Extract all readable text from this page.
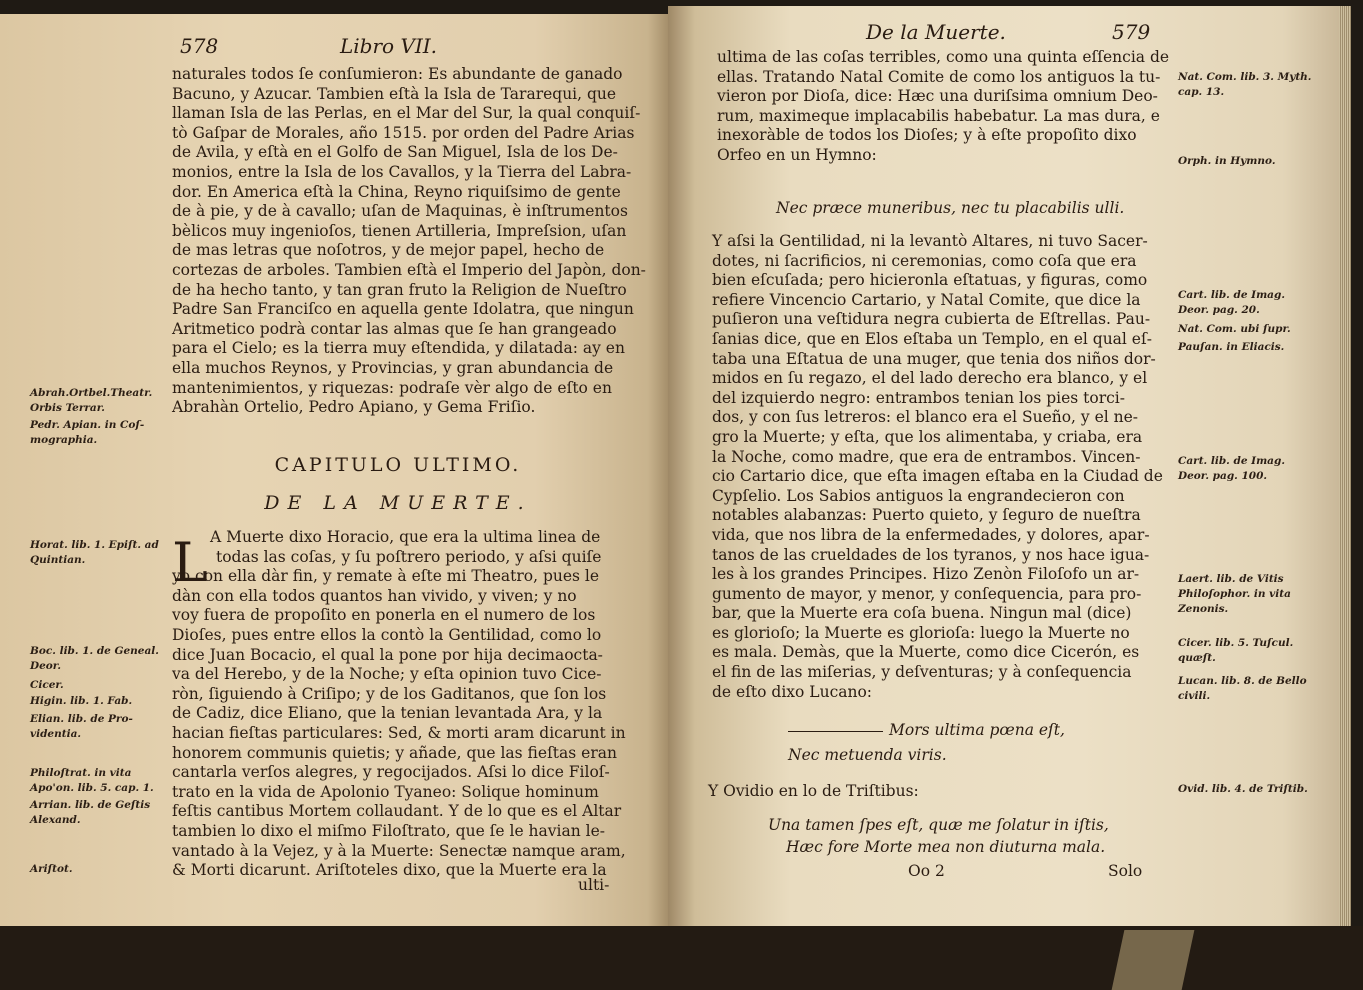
578	Libro VII.
naturales todos ſe conſumieron: Es abundante de ganado
Bacuno, y Azucar. Tambien eſtà la Isla de Tararequi, que
llaman Isla de las Perlas, en el Mar del Sur, la qual conquiſ-
tò Gaſpar de Morales, año 1515. por orden del Padre Arias
de Avila, y eſtà en el Golfo de San Miguel, Isla de los De-
monios, entre la Isla de los Cavallos, y la Tierra del Labra-
dor. En America eſtà la China, Reyno riquiſsimo de gente
de à pie, y de à cavallo; uſan de Maquinas, è inſtrumentos
bèlicos muy ingenioſos, tienen Artilleria, Impreſsion, uſan
de mas letras que noſotros, y de mejor papel, hecho de
cortezas de arboles. Tambien eſtà el Imperio del Japòn, don-
de ha hecho tanto, y tan gran fruto la Religion de Nueſtro
Padre San Franciſco en aquella gente Idolatra, que ningun
Aritmetico podrà contar las almas que ſe han grangeado
para el Cielo; es la tierra muy eſtendida, y dilatada: ay en
ella muchos Reynos, y Provincias, y gran abundancia de
mantenimientos, y riquezas: podraſe vèr algo de eſto en
Abrahàn Ortelio, Pedro Apiano, y Gema Friſio.
CAPITULO ULTIMO.
DE LA MUERTE.
L A Muerte dixo Horacio, que era la ultima linea de
todas las coſas, y ſu poſtrero periodo, y aſsi quiſe
yo con ella dàr fin, y remate à eſte mi Theatro, pues le
dàn con ella todos quantos han vivido, y viven; y no
voy fuera de propoſito en ponerla en el numero de los
Dioſes, pues entre ellos la contò la Gentilidad, como lo
dice Juan Bocacio, el qual la pone por hija decimaocta-
va del Herebo, y de la Noche; y eſta opinion tuvo Cice-
ròn, ſiguiendo à Criſipo; y de los Gaditanos, que ſon los
de Cadiz, dice Eliano, que la tenian levantada Ara, y la
hacian fieſtas particulares: Sed, & morti aram dicarunt in
honorem communis quietis; y añade, que las fieſtas eran
cantarla verſos alegres, y regocijados. Aſsi lo dice Filoſ-
trato en la vida de Apolonio Tyaneo: Solique hominum
feſtis cantibus Mortem collaudant. Y de lo que es el Altar
tambien lo dixo el miſmo Filoſtrato, que ſe le havian le-
vantado à la Vejez, y à la Muerte: Senectæ namque aram,
& Morti dicarunt. Ariſtoteles dixo, que la Muerte era la
ulti-
Abrah.Ortbel.Theatr. Orbis Terrar.
Pedr. Apian. in Coſ-mographia.
Horat. lib. 1. Epiſt. ad Quintian.
Boc. lib. 1. de Geneal. Deor.
Cicer.
Higin. lib. 1. Fab.
Elian. lib. de Pro-videntia.
Philoſtrat. in vita Apo'on. lib. 5. cap. 1.
Arrian. lib. de Geſtis Alexand.
Ariſtot.
De la Muerte.	579
ultima de las coſas terribles, como una quinta eſſencia de
ellas. Tratando Natal Comite de como los antiguos la tu-
vieron por Dioſa, dice: Hæc una duriſsima omnium Deo-
rum, maximeque implacabilis habebatur. La mas dura, e
inexoràble de todos los Dioſes; y à eſte propoſito dixo
Orfeo en un Hymno:
Nec præce muneribus, nec tu placabilis ulli.
Y aſsi la Gentilidad, ni la levantò Altares, ni tuvo Sacer-
dotes, ni ſacrificios, ni ceremonias, como coſa que era
bien eſcuſada; pero hicieronla eſtatuas, y figuras, como
refiere Vincencio Cartario, y Natal Comite, que dice la
puſieron una veſtidura negra cubierta de Eſtrellas. Pau-
ſanias dice, que en Elos eſtaba un Templo, en el qual eſ-
taba una Eſtatua de una muger, que tenia dos niños dor-
midos en ſu regazo, el del lado derecho era blanco, y el
del izquierdo negro: entrambos tenian los pies torci-
dos, y con ſus letreros: el blanco era el Sueño, y el ne-
gro la Muerte; y eſta, que los alimentaba, y criaba, era
la Noche, como madre, que era de entrambos. Vincen-
cio Cartario dice, que eſta imagen eſtaba en la Ciudad de
Cypſelio. Los Sabios antiguos la engrandecieron con
notables alabanzas: Puerto quieto, y ſeguro de nueſtra
vida, que nos libra de la enfermedades, y dolores, apar-
tanos de las crueldades de los tyranos, y nos hace igua-
les à los grandes Principes. Hizo Zenòn Filoſofo un ar-
gumento de mayor, y menor, y conſequencia, para pro-
bar, que la Muerte era coſa buena. Ningun mal (dice)
es glorioſo; la Muerte es glorioſa: luego la Muerte no
es mala. Demàs, que la Muerte, como dice Cicerón, es
el fin de las miſerias, y deſventuras; y à conſequencia
de eſto dixo Lucano:
Mors ultima pœna eſt,
Nec metuenda viris.
Y Ovidio en lo de Triſtibus:
Una tamen ſpes eſt, quæ me ſolatur in iſtis,
Hæc fore Morte mea non diuturna mala.
Oo 2	Solo
Nat. Com. lib. 3. Myth. cap. 13.
Orph. in Hymno.
Cart. lib. de Imag. Deor. pag. 20.
Nat. Com. ubi ſupr.
Pauſan. in Eliacis.
Cart. lib. de Imag. Deor. pag. 100.
Laert. lib. de Vitis Philoſophor. in vita Zenonis.
Cicer. lib. 5. Tuſcul. quæſt.
Lucan. lib. 8. de Bello civili.
Ovid. lib. 4. de Triſtib.
